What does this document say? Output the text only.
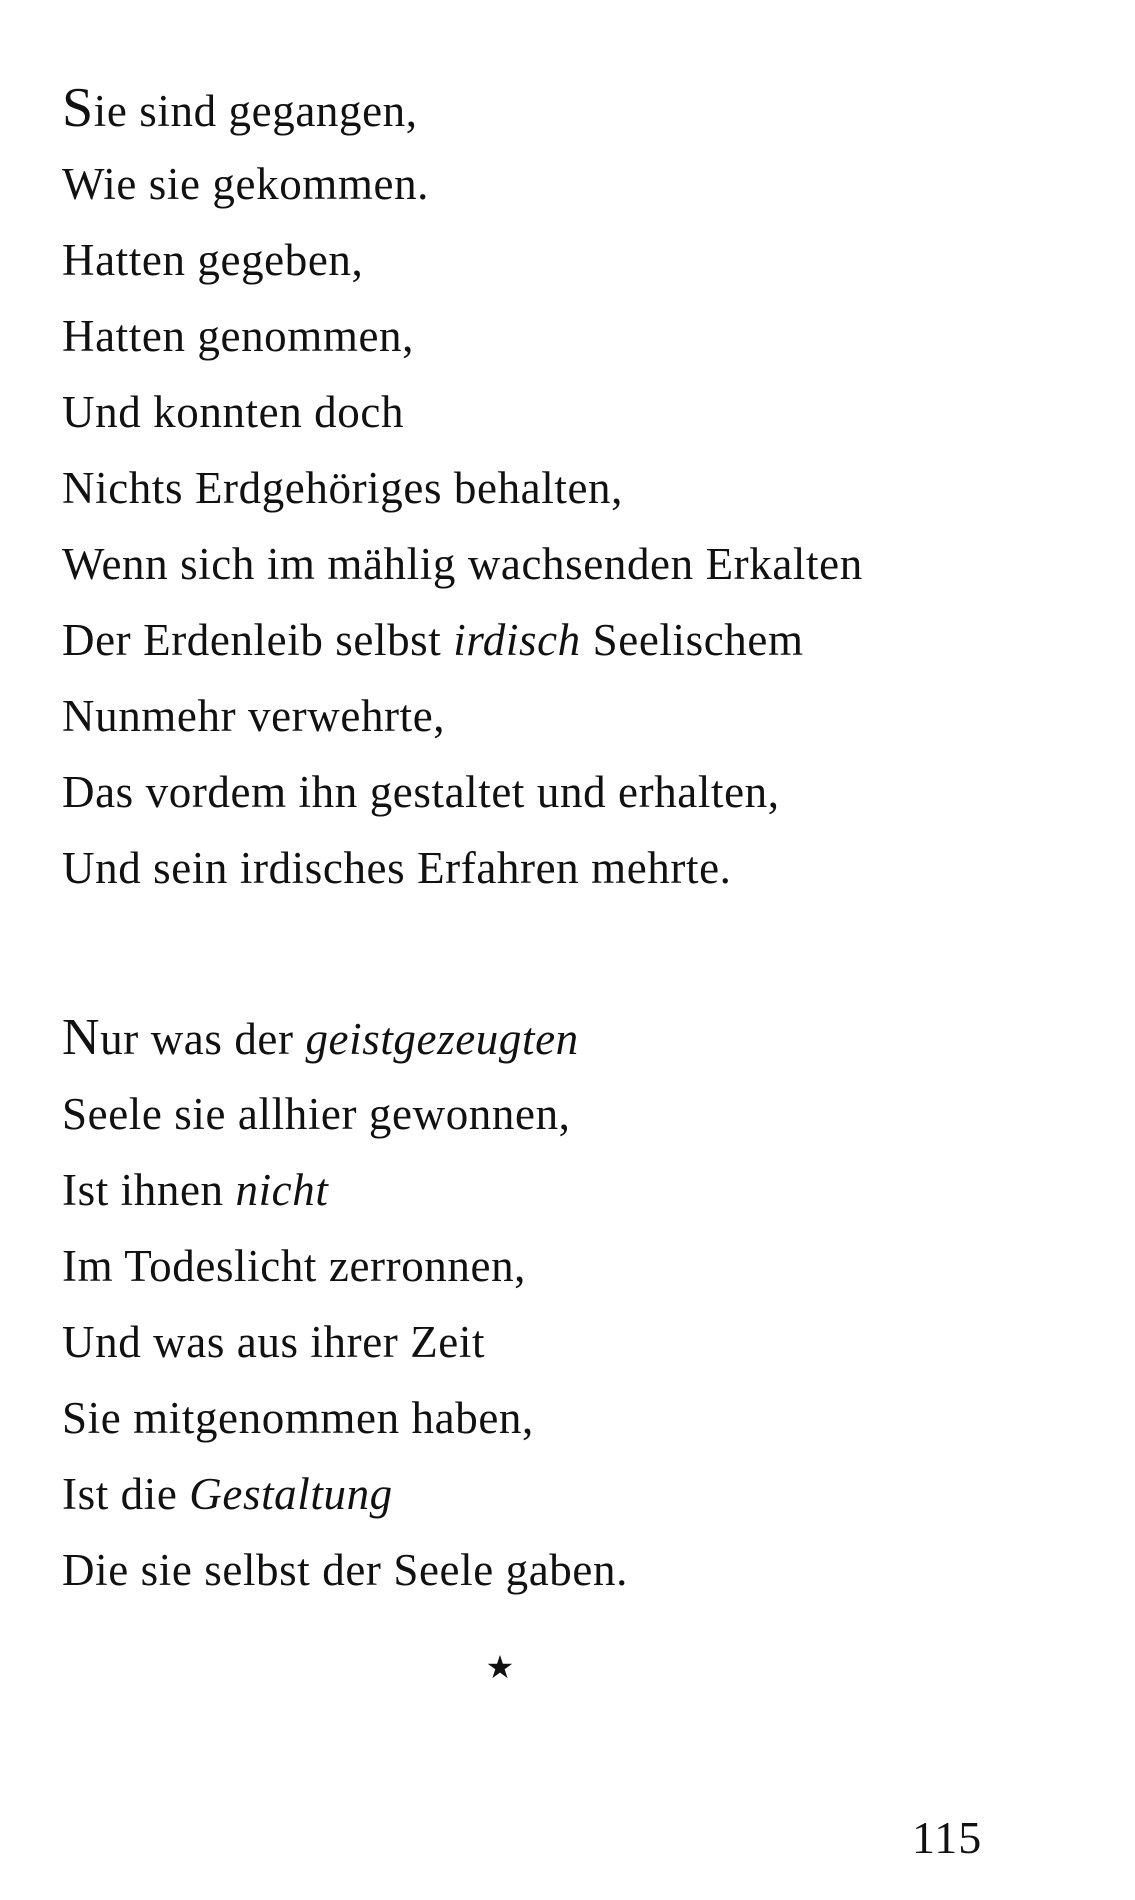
Sie sind gegangen,
Wie sie gekommen.
Hatten gegeben,
Hatten genommen,
Und konnten doch
Nichts Erdgehöriges behalten,
Wenn sich im mählig wachsenden Erkalten
Der Erdenleib selbst irdisch Seelischem
Nunmehr verwehrte,
Das vordem ihn gestaltet und erhalten,
Und sein irdisches Erfahren mehrte.
Nur was der geistgezeugten
Seele sie allhier gewonnen,
Ist ihnen nicht
Im Todeslicht zerronnen,
Und was aus ihrer Zeit
Sie mitgenommen haben,
Ist die Gestaltung
Die sie selbst der Seele gaben.
★
115
